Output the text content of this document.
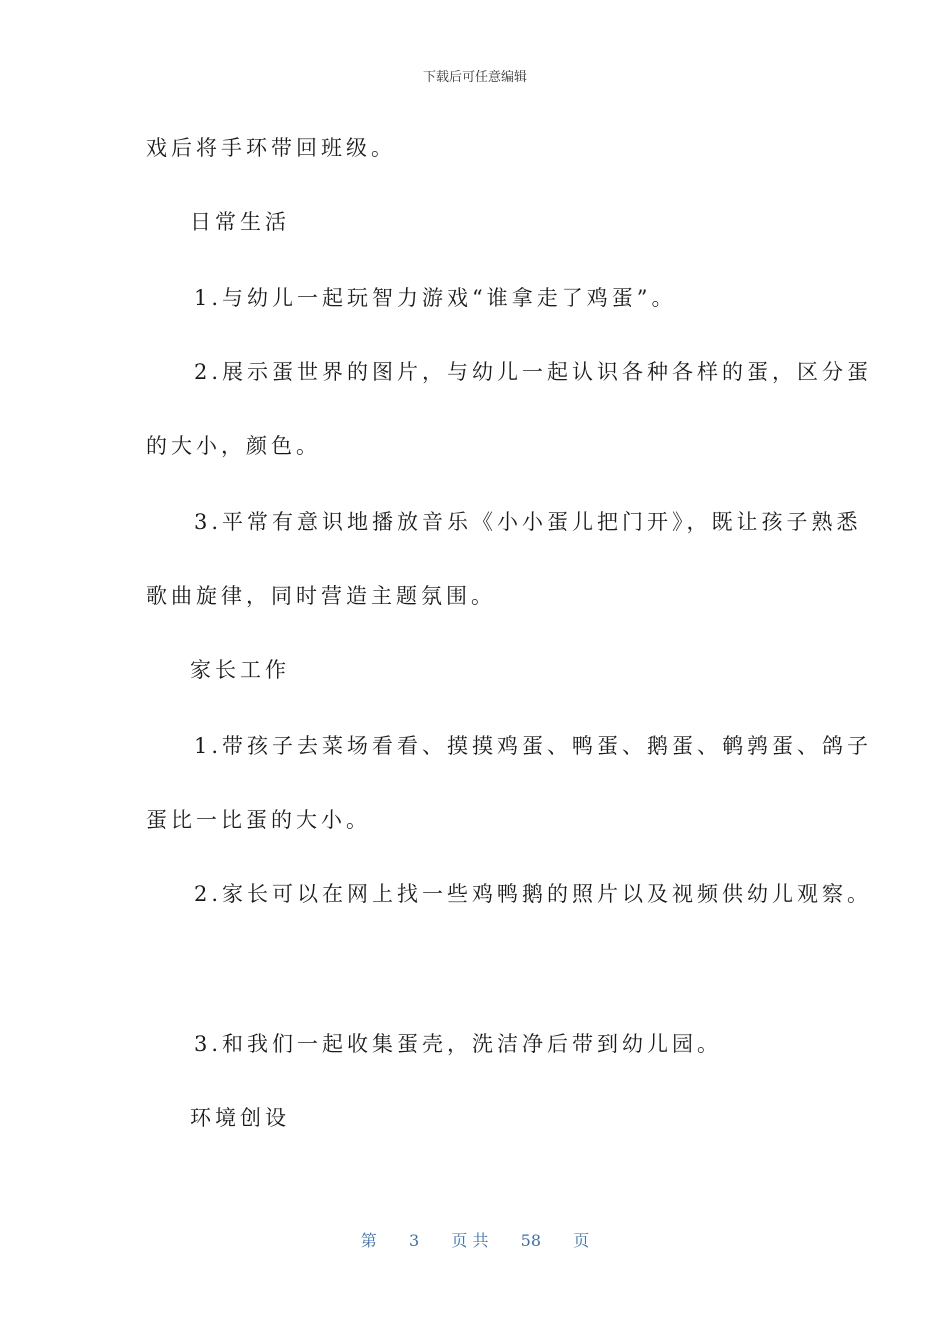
下载后可任意编辑
戏后将手环带回班级。
日常生活
1.与幼儿一起玩智力游戏“谁拿走了鸡蛋”。
2.展示蛋世界的图片，与幼儿一起认识各种各样的蛋，区分蛋
的大小，颜色。
3.平常有意识地播放音乐《小小蛋儿把门开》，既让孩子熟悉
歌曲旋律，同时营造主题氛围。
家长工作
1.带孩子去菜场看看、摸摸鸡蛋、鸭蛋、鹅蛋、鹌鹑蛋、鸽子
蛋比一比蛋的大小。
2.家长可以在网上找一些鸡鸭鹅的照片以及视频供幼儿观察。
3.和我们一起收集蛋壳，洗洁净后带到幼儿园。
环境创设
第 3 页 共 58 页
